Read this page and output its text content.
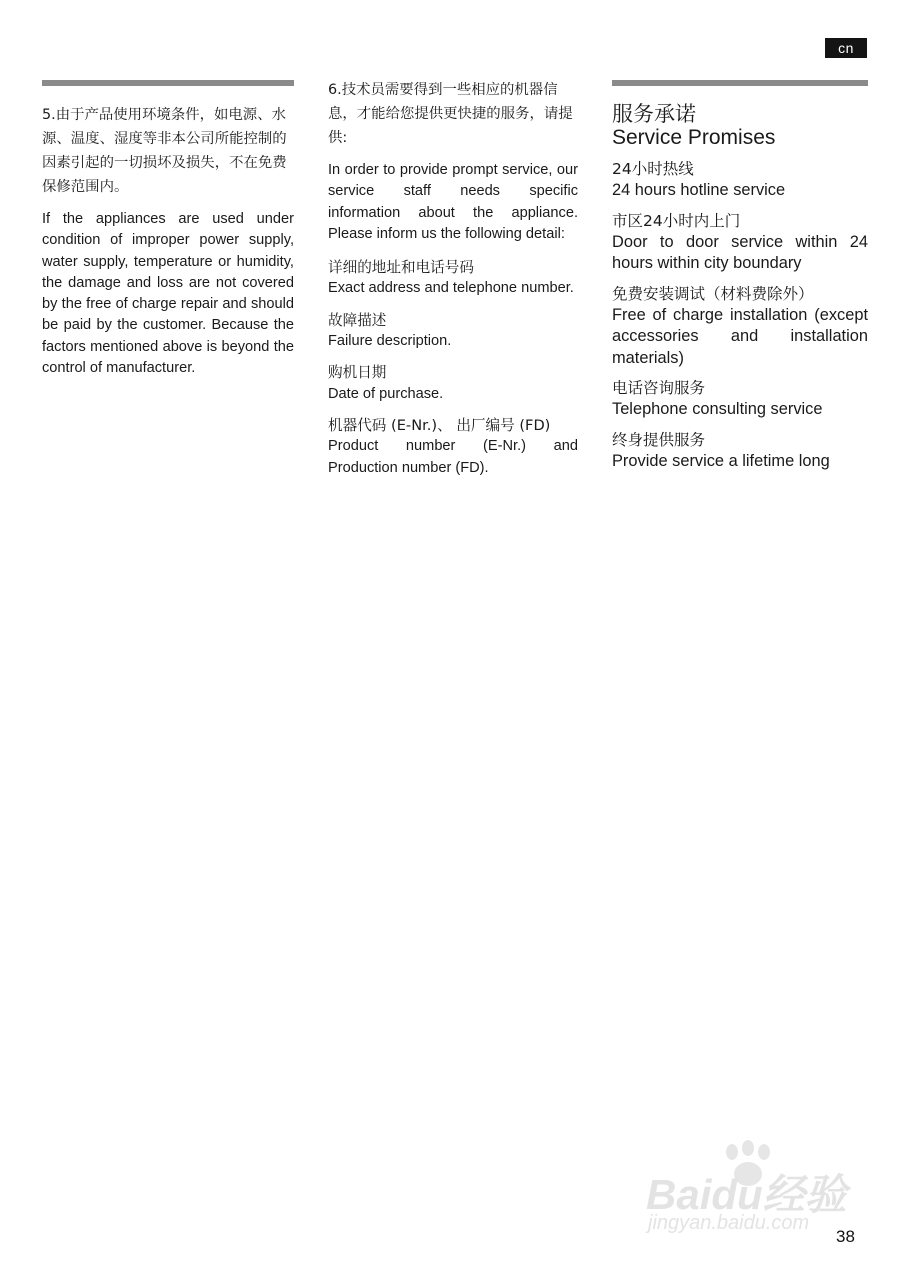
cn

5.由于产品使用环境条件，如电源、水源、温度、湿度等非本公司所能控制的因素引起的一切损坏及损失，不在免费保修范围内。

If the appliances are used under condition of improper power supply, water supply, temperature or humidity, the damage and loss are not covered by the free of charge repair and should be paid by the customer. Because the factors mentioned above is beyond the control of manufacturer.

6.技术员需要得到一些相应的机器信息，才能给您提供更快捷的服务，请提供:

In order to provide prompt service, our service staff needs specific information about the appliance. Please inform us the following detail:

详细的地址和电话号码

Exact address and telephone number.

故障描述

Failure description.

购机日期

Date of purchase.

机器代码 (E-Nr.)、 出厂编号 (FD)

Product number (E-Nr.) and Production number (FD).

服务承诺

Service Promises

24小时热线

24 hours hotline service

市区24小时内上门

Door to door service within 24 hours within city boundary

免费安装调试（材料费除外）

Free of charge installation (except accessories and installation materials)

电话咨询服务

Telephone consulting service

终身提供服务

Provide service a lifetime long

Baidu经验
jingyan.baidu.com
38
